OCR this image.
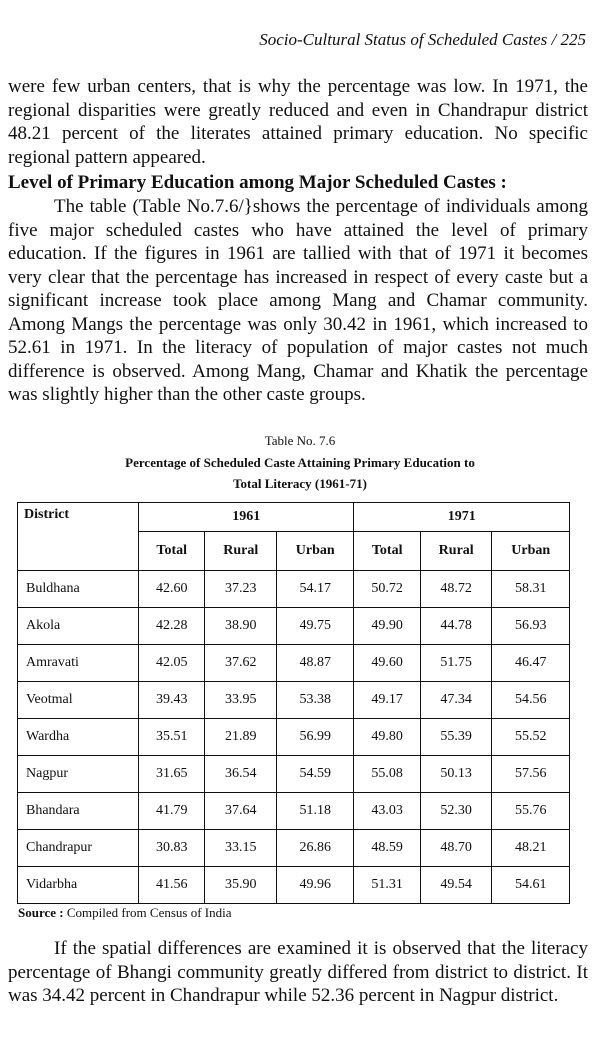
Socio-Cultural Status of Scheduled Castes / 225

were few urban centers, that is why the percentage was low. In 1971, the regional disparities were greatly reduced and even in Chandrapur district 48.21 percent of the literates attained primary education. No specific regional pattern appeared.

Level of Primary Education among Major Scheduled Castes :

The table (Table No.7.6/}shows the percentage of individuals among five major scheduled castes who have attained the level of primary education. If the figures in 1961 are tallied with that of 1971 it becomes very clear that the percentage has increased in respect of every caste but a significant increase took place among Mang and Chamar community. Among Mangs the percentage was only 30.42 in 1961, which increased to 52.61 in 1971. In the literacy of population of major castes not much difference is observed. Among Mang, Chamar and Khatik the percentage was slightly higher than the other caste groups.

Table No. 7.6

Percentage of Scheduled Caste Attaining Primary Education to

Total Literacy (1961-71)

District	1961			1971		
	Total	Rural	Urban	Total	Rural	Urban
Buldhana	42.60	37.23	54.17	50.72	48.72	58.31
Akola	42.28	38.90	49.75	49.90	44.78	56.93
Amravati	42.05	37.62	48.87	49.60	51.75	46.47
Veotmal	39.43	33.95	53.38	49.17	47.34	54.56
Wardha	35.51	21.89	56.99	49.80	55.39	55.52
Nagpur	31.65	36.54	54.59	55.08	50.13	57.56
Bhandara	41.79	37.64	51.18	43.03	52.30	55.76
Chandrapur	30.83	33.15	26.86	48.59	48.70	48.21
Vidarbha	41.56	35.90	49.96	51.31	49.54	54.61
Source : Compiled from Census of India

If the spatial differences are examined it is observed that the literacy percentage of Bhangi community greatly differed from district to district. It was 34.42 percent in Chandrapur while 52.36 percent in Nagpur district.
